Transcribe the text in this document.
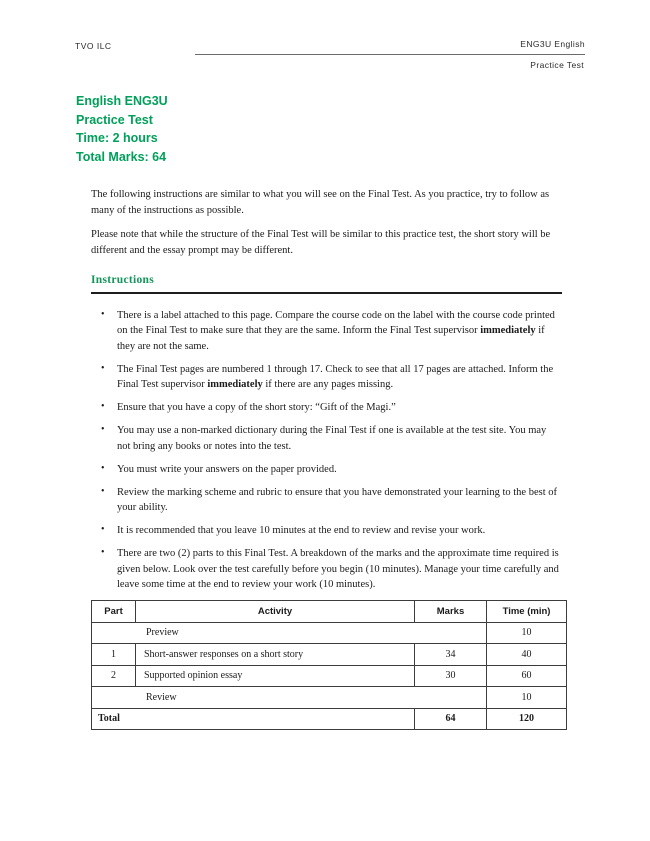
TVO ILC	ENG3U English
Practice Test
English ENG3U
Practice Test
Time: 2 hours
Total Marks: 64

The following instructions are similar to what you will see on the Final Test. As you practice, try to follow as many of the instructions as possible.

Please note that while the structure of the Final Test will be similar to this practice test, the short story will be different and the essay prompt may be different.

Instructions
• There is a label attached to this page. Compare the course code on the label with the course code printed on the Final Test to make sure that they are the same. Inform the Final Test supervisor immediately if they are not the same.
• The Final Test pages are numbered 1 through 17. Check to see that all 17 pages are attached. Inform the Final Test supervisor immediately if there are any pages missing.
• Ensure that you have a copy of the short story: “Gift of the Magi.”
• You may use a non-marked dictionary during the Final Test if one is available at the test site. You may not bring any books or notes into the test.
• You must write your answers on the paper provided.
• Review the marking scheme and rubric to ensure that you have demonstrated your learning to the best of your ability.
• It is recommended that you leave 10 minutes at the end to review and revise your work.
• There are two (2) parts to this Final Test. A breakdown of the marks and the approximate time required is given below. Look over the test carefully before you begin (10 minutes). Manage your time carefully and leave some time at the end to review your work (10 minutes).
Part	Activity	Marks	Time (min)
Preview			10
1	Short-answer responses on a short story	34	40
2	Supported opinion essay	30	60
Review			10
Total		64	120
